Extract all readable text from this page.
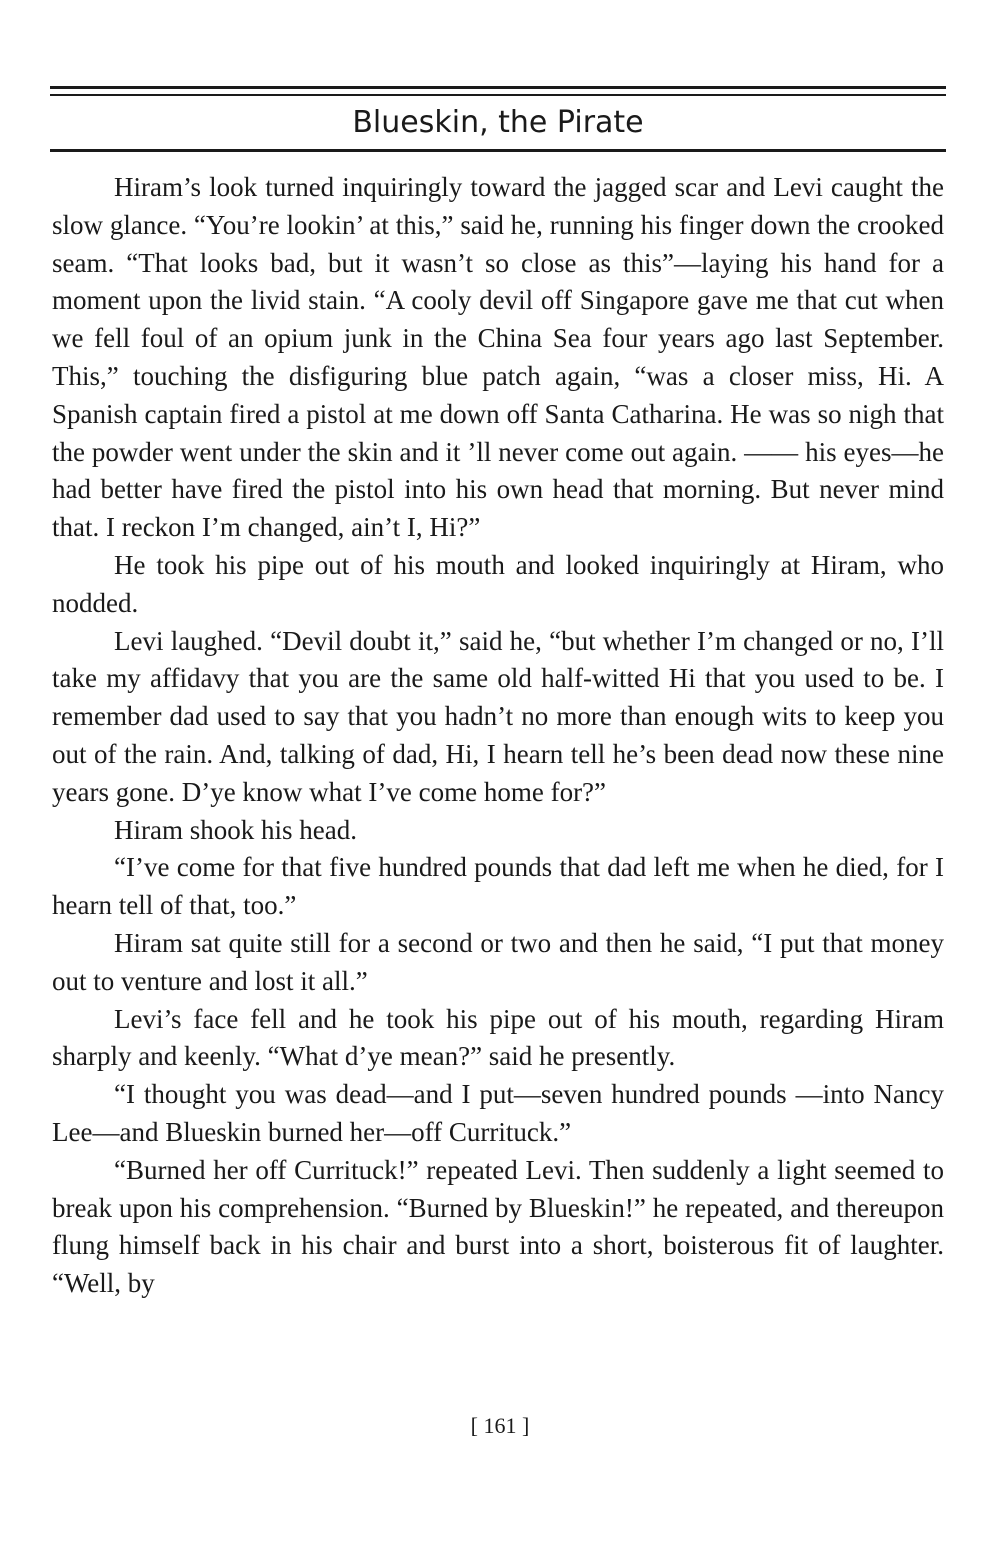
Blueskin, the Pirate

Hiram’s look turned inquiringly toward the jagged scar and Levi caught the slow glance. “You’re lookin’ at this,” said he, running his finger down the crooked seam. “That looks bad, but it wasn’t so close as this”—laying his hand for a moment upon the livid stain. “A cooly devil off Singapore gave me that cut when we fell foul of an opium junk in the China Sea four years ago last September. This,” touching the disfiguring blue patch again, “was a closer miss, Hi. A Spanish captain fired a pistol at me down off Santa Catharina. He was so nigh that the powder went under the skin and it ’ll never come out again. —— his eyes—he had better have fired the pistol into his own head that morning. But never mind that. I reckon I’m changed, ain’t I, Hi?”

He took his pipe out of his mouth and looked inquiringly at Hiram, who nodded.

Levi laughed. “Devil doubt it,” said he, “but whether I’m changed or no, I’ll take my affidavy that you are the same old half-witted Hi that you used to be. I remember dad used to say that you hadn’t no more than enough wits to keep you out of the rain. And, talking of dad, Hi, I hearn tell he’s been dead now these nine years gone. D’ye know what I’ve come home for?”

Hiram shook his head.

“I’ve come for that five hundred pounds that dad left me when he died, for I hearn tell of that, too.”

Hiram sat quite still for a second or two and then he said, “I put that money out to venture and lost it all.”

Levi’s face fell and he took his pipe out of his mouth, regarding Hiram sharply and keenly. “What d’ye mean?” said he presently.

“I thought you was dead—and I put—seven hundred pounds —into Nancy Lee—and Blueskin burned her—off Currituck.”

“Burned her off Currituck!” repeated Levi. Then suddenly a light seemed to break upon his comprehension. “Burned by Blueskin!” he repeated, and thereupon flung himself back in his chair and burst into a short, boisterous fit of laughter. “Well, by

[ 161 ]
